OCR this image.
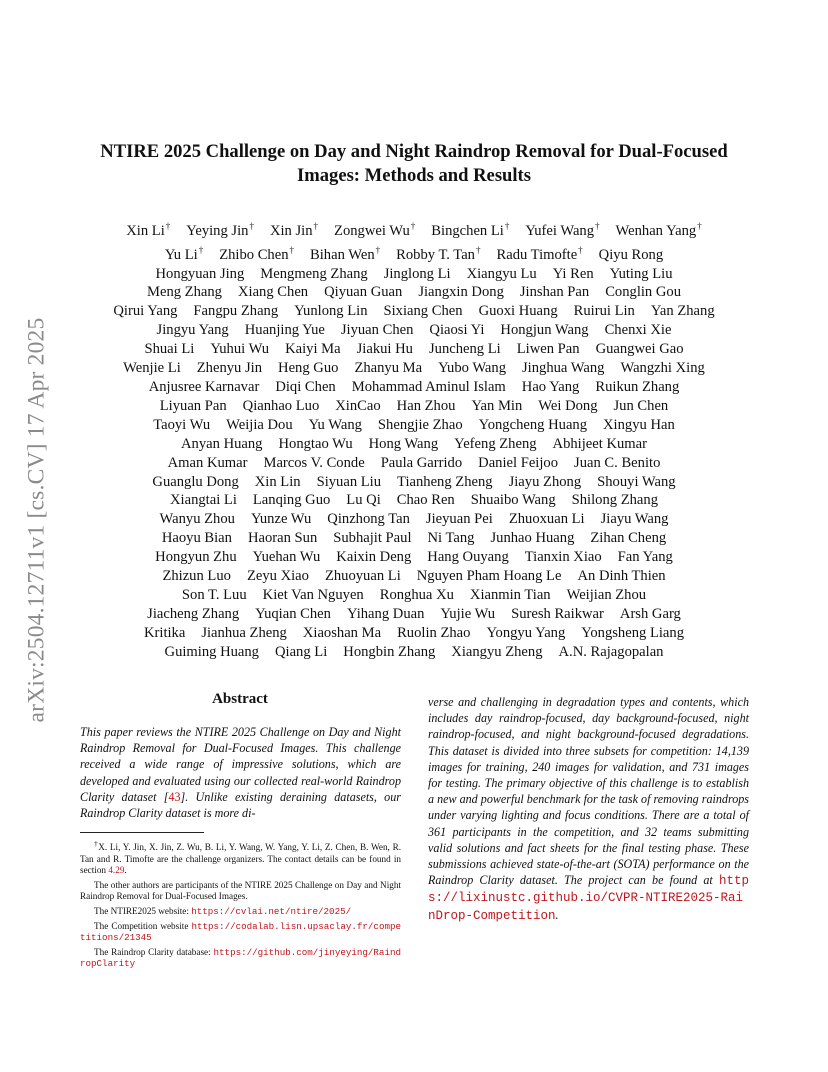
arXiv:2504.12711v1 [cs.CV] 17 Apr 2025
NTIRE 2025 Challenge on Day and Night Raindrop Removal for Dual-Focused Images: Methods and Results
Xin Li† Yeying Jin† Xin Jin† Zongwei Wu† Bingchen Li† Yufei Wang† Wenhan Yang†
Yu Li† Zhibo Chen† Bihan Wen† Robby T. Tan† Radu Timofte† Qiyu Rong
Hongyuan Jing Mengmeng Zhang Jinglong Li Xiangyu Lu Yi Ren Yuting Liu
Meng Zhang Xiang Chen Qiyuan Guan Jiangxin Dong Jinshan Pan Conglin Gou
Qirui Yang Fangpu Zhang Yunlong Lin Sixiang Chen Guoxi Huang Ruirui Lin Yan Zhang
Jingyu Yang Huanjing Yue Jiyuan Chen Qiaosi Yi Hongjun Wang Chenxi Xie
Shuai Li Yuhui Wu Kaiyi Ma Jiakui Hu Juncheng Li Liwen Pan Guangwei Gao
Wenjie Li Zhenyu Jin Heng Guo Zhanyu Ma Yubo Wang Jinghua Wang Wangzhi Xing
Anjusree Karnavar Diqi Chen Mohammad Aminul Islam Hao Yang Ruikun Zhang
Liyuan Pan Qianhao Luo XinCao Han Zhou Yan Min Wei Dong Jun Chen
Taoyi Wu Weijia Dou Yu Wang Shengjie Zhao Yongcheng Huang Xingyu Han
Anyan Huang Hongtao Wu Hong Wang Yefeng Zheng Abhijeet Kumar
Aman Kumar Marcos V. Conde Paula Garrido Daniel Feijoo Juan C. Benito
Guanglu Dong Xin Lin Siyuan Liu Tianheng Zheng Jiayu Zhong Shouyi Wang
Xiangtai Li Lanqing Guo Lu Qi Chao Ren Shuaibo Wang Shilong Zhang
Wanyu Zhou Yunze Wu Qinzhong Tan Jieyuan Pei Zhuoxuan Li Jiayu Wang
Haoyu Bian Haoran Sun Subhajit Paul Ni Tang Junhao Huang Zihan Cheng
Hongyun Zhu Yuehan Wu Kaixin Deng Hang Ouyang Tianxin Xiao Fan Yang
Zhizun Luo Zeyu Xiao Zhuoyuan Li Nguyen Pham Hoang Le An Dinh Thien
Son T. Luu Kiet Van Nguyen Ronghua Xu Xianmin Tian Weijian Zhou
Jiacheng Zhang Yuqian Chen Yihang Duan Yujie Wu Suresh Raikwar Arsh Garg
Kritika Jianhua Zheng Xiaoshan Ma Ruolin Zhao Yongyu Yang Yongsheng Liang
Guiming Huang Qiang Li Hongbin Zhang Xiangyu Zheng A.N. Rajagopalan
Abstract
This paper reviews the NTIRE 2025 Challenge on Day and Night Raindrop Removal for Dual-Focused Images. This challenge received a wide range of impressive solutions, which are developed and evaluated using our collected real-world Raindrop Clarity dataset [43]. Unlike existing deraining datasets, our Raindrop Clarity dataset is more di-
verse and challenging in degradation types and contents, which includes day raindrop-focused, day background-focused, night raindrop-focused, and night background-focused degradations. This dataset is divided into three subsets for competition: 14,139 images for training, 240 images for validation, and 731 images for testing. The primary objective of this challenge is to establish a new and powerful benchmark for the task of removing raindrops under varying lighting and focus conditions. There are a total of 361 participants in the competition, and 32 teams submitting valid solutions and fact sheets for the final testing phase. These submissions achieved state-of-the-art (SOTA) performance on the Raindrop Clarity dataset. The project can be found at https://lixinustc.github.io/CVPR-NTIRE2025-RainDrop-Competition.

†X. Li, Y. Jin, X. Jin, Z. Wu, B. Li, Y. Wang, W. Yang, Y. Li, Z. Chen, B. Wen, R. Tan and R. Timofte are the challenge organizers. The contact details can be found in section 4.29.

The other authors are participants of the NTIRE 2025 Challenge on Day and Night Raindrop Removal for Dual-Focused Images.

The NTIRE2025 website: https://cvlai.net/ntire/2025/

The Competition website https://codalab.lisn.upsaclay.fr/competitions/21345

The Raindrop Clarity database: https://github.com/jinyeying/RaindropClarity
